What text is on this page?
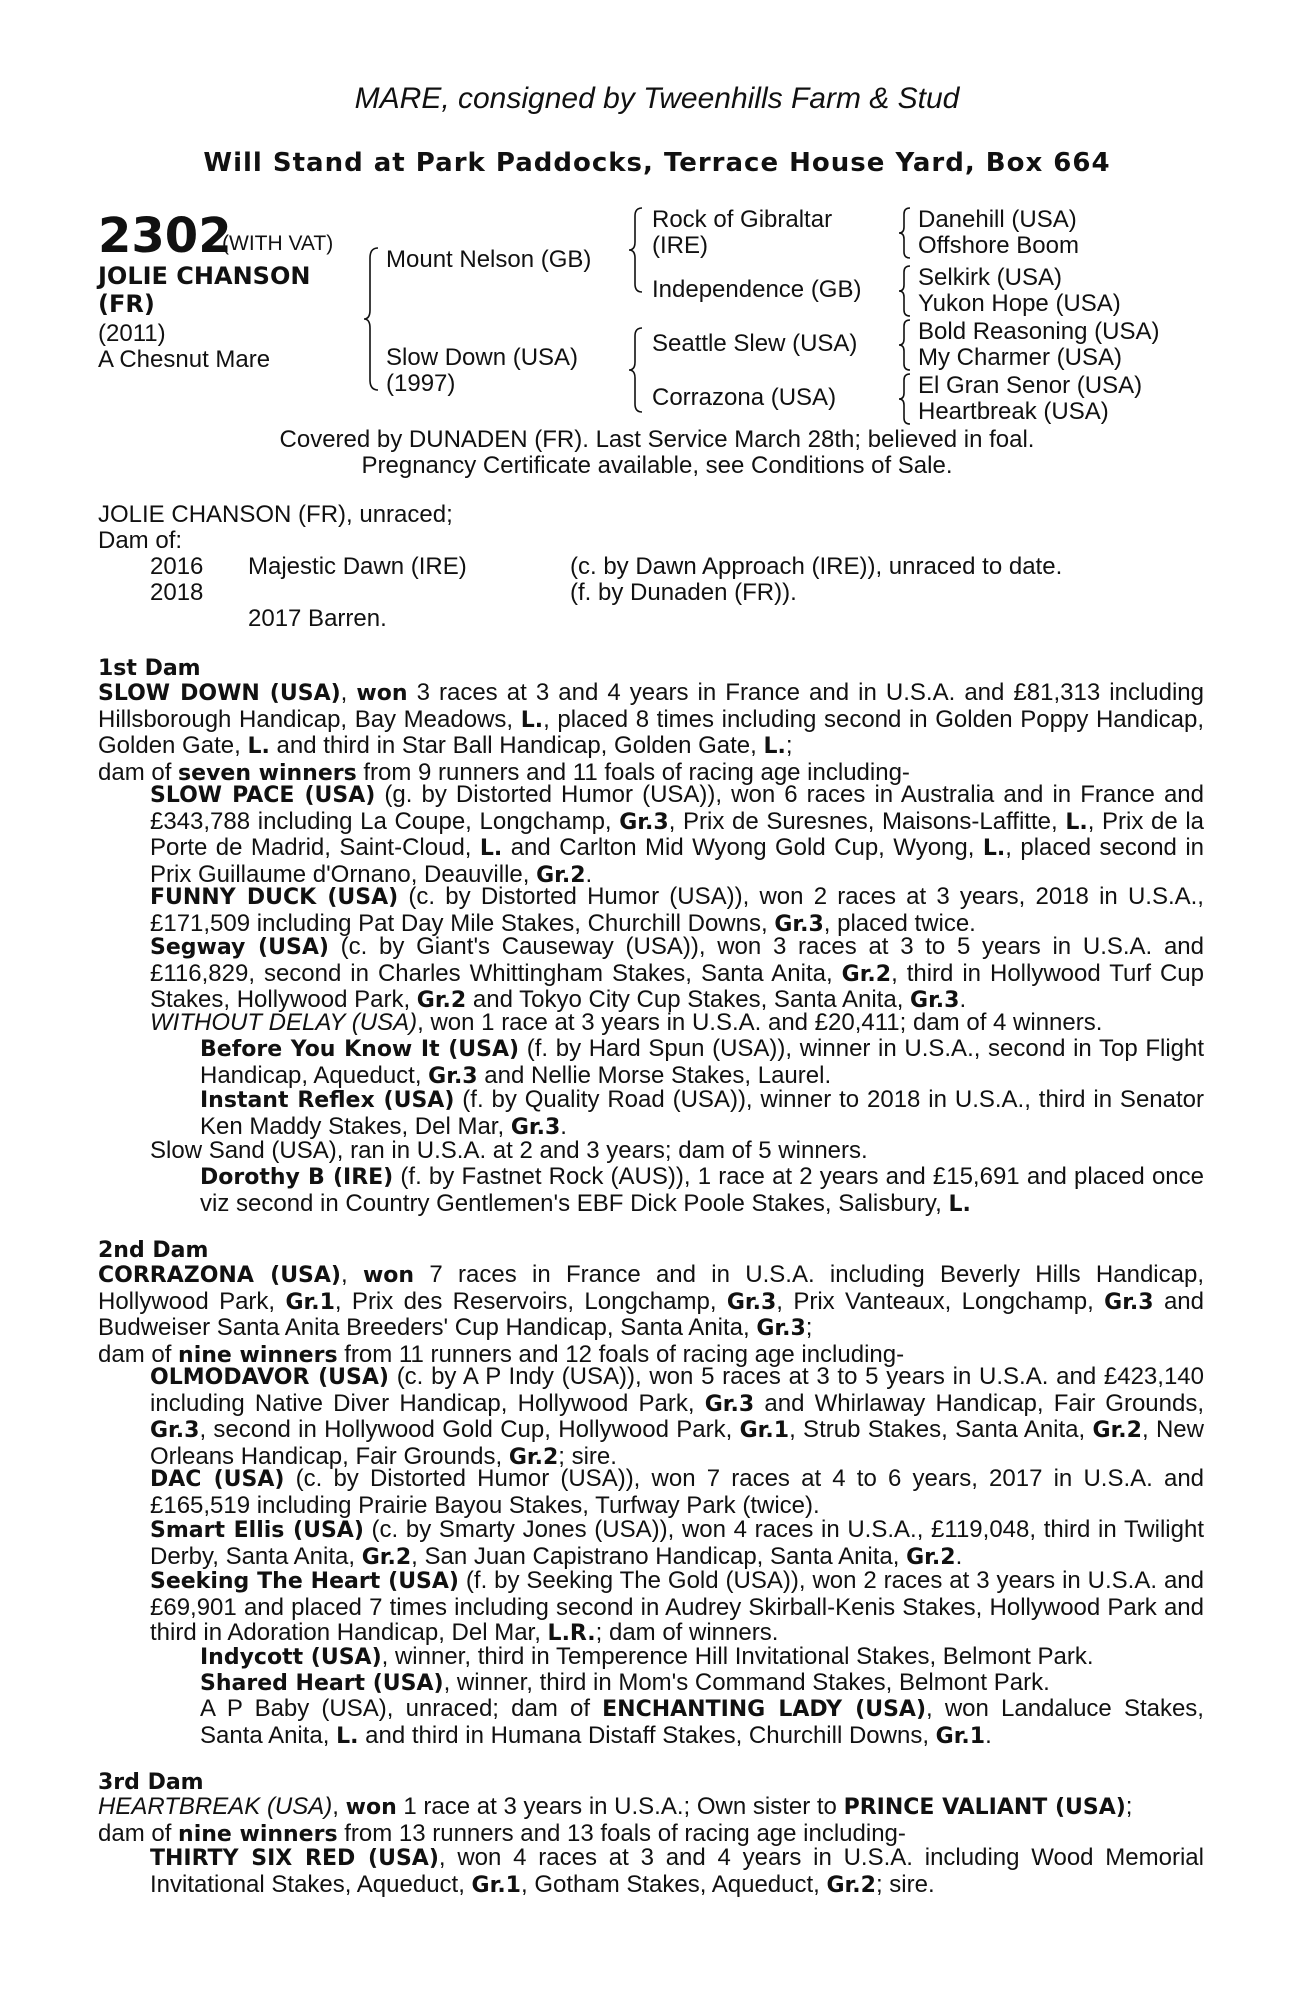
MARE, consigned by Tweenhills Farm & Stud
Will Stand at Park Paddocks, Terrace House Yard, Box 664
2302
(WITH VAT)
JOLIE CHANSON
(FR)
(2011)
A Chesnut Mare
Mount Nelson (GB)
Slow Down (USA)
(1997)
Rock of Gibraltar
(IRE)
Independence (GB)
Seattle Slew (USA)
Corrazona (USA)
Danehill (USA)
Offshore Boom
Selkirk (USA)
Yukon Hope (USA)
Bold Reasoning (USA)
My Charmer (USA)
El Gran Senor (USA)
Heartbreak (USA)
Covered by DUNADEN (FR). Last Service March 28th; believed in foal.
Pregnancy Certificate available, see Conditions of Sale.
JOLIE CHANSON (FR), unraced;
Dam of:
2016 Majestic Dawn (IRE)	(c. by Dawn Approach (IRE)), unraced to date.
2018	(f. by Dunaden (FR)).
2017 Barren.
1st Dam
SLOW DOWN (USA), won 3 races at 3 and 4 years in France and in U.S.A. and £81,313 including Hillsborough Handicap, Bay Meadows, L., placed 8 times including second in Golden Poppy Handicap, Golden Gate, L. and third in Star Ball Handicap, Golden Gate, L.;
dam of seven winners from 9 runners and 11 foals of racing age including-
SLOW PACE (USA) (g. by Distorted Humor (USA)), won 6 races in Australia and in France and £343,788 including La Coupe, Longchamp, Gr.3, Prix de Suresnes, Maisons-Laffitte, L., Prix de la Porte de Madrid, Saint-Cloud, L. and Carlton Mid Wyong Gold Cup, Wyong, L., placed second in Prix Guillaume d'Ornano, Deauville, Gr.2.
FUNNY DUCK (USA) (c. by Distorted Humor (USA)), won 2 races at 3 years, 2018 in U.S.A., £171,509 including Pat Day Mile Stakes, Churchill Downs, Gr.3, placed twice.
Segway (USA) (c. by Giant's Causeway (USA)), won 3 races at 3 to 5 years in U.S.A. and £116,829, second in Charles Whittingham Stakes, Santa Anita, Gr.2, third in Hollywood Turf Cup Stakes, Hollywood Park, Gr.2 and Tokyo City Cup Stakes, Santa Anita, Gr.3.
WITHOUT DELAY (USA), won 1 race at 3 years in U.S.A. and £20,411; dam of 4 winners.
Before You Know It (USA) (f. by Hard Spun (USA)), winner in U.S.A., second in Top Flight Handicap, Aqueduct, Gr.3 and Nellie Morse Stakes, Laurel.
Instant Reflex (USA) (f. by Quality Road (USA)), winner to 2018 in U.S.A., third in Senator Ken Maddy Stakes, Del Mar, Gr.3.
Slow Sand (USA), ran in U.S.A. at 2 and 3 years; dam of 5 winners.
Dorothy B (IRE) (f. by Fastnet Rock (AUS)), 1 race at 2 years and £15,691 and placed once viz second in Country Gentlemen's EBF Dick Poole Stakes, Salisbury, L.
2nd Dam
CORRAZONA (USA), won 7 races in France and in U.S.A. including Beverly Hills Handicap, Hollywood Park, Gr.1, Prix des Reservoirs, Longchamp, Gr.3, Prix Vanteaux, Longchamp, Gr.3 and Budweiser Santa Anita Breeders' Cup Handicap, Santa Anita, Gr.3;
dam of nine winners from 11 runners and 12 foals of racing age including-
OLMODAVOR (USA) (c. by A P Indy (USA)), won 5 races at 3 to 5 years in U.S.A. and £423,140 including Native Diver Handicap, Hollywood Park, Gr.3 and Whirlaway Handicap, Fair Grounds, Gr.3, second in Hollywood Gold Cup, Hollywood Park, Gr.1, Strub Stakes, Santa Anita, Gr.2, New Orleans Handicap, Fair Grounds, Gr.2; sire.
DAC (USA) (c. by Distorted Humor (USA)), won 7 races at 4 to 6 years, 2017 in U.S.A. and £165,519 including Prairie Bayou Stakes, Turfway Park (twice).
Smart Ellis (USA) (c. by Smarty Jones (USA)), won 4 races in U.S.A., £119,048, third in Twilight Derby, Santa Anita, Gr.2, San Juan Capistrano Handicap, Santa Anita, Gr.2.
Seeking The Heart (USA) (f. by Seeking The Gold (USA)), won 2 races at 3 years in U.S.A. and £69,901 and placed 7 times including second in Audrey Skirball-Kenis Stakes, Hollywood Park and third in Adoration Handicap, Del Mar, L.R.; dam of winners.
Indycott (USA), winner, third in Temperence Hill Invitational Stakes, Belmont Park.
Shared Heart (USA), winner, third in Mom's Command Stakes, Belmont Park.
A P Baby (USA), unraced; dam of ENCHANTING LADY (USA), won Landaluce Stakes, Santa Anita, L. and third in Humana Distaff Stakes, Churchill Downs, Gr.1.
3rd Dam
HEARTBREAK (USA), won 1 race at 3 years in U.S.A.; Own sister to PRINCE VALIANT (USA);
dam of nine winners from 13 runners and 13 foals of racing age including-
THIRTY SIX RED (USA), won 4 races at 3 and 4 years in U.S.A. including Wood Memorial Invitational Stakes, Aqueduct, Gr.1, Gotham Stakes, Aqueduct, Gr.2; sire.
